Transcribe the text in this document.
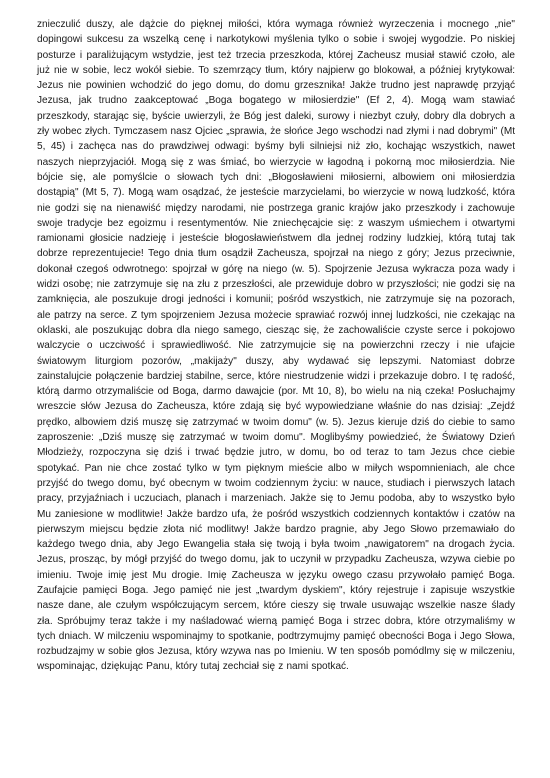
znieczulić duszy, ale dążcie do pięknej miłości, która wymaga również wyrzeczenia i mocnego „nie" dopingowi sukcesu za wszelką cenę i narkotykowi myślenia tylko o sobie i swojej wygodzie. Po niskiej posturze i paraliżującym wstydzie, jest też trzecia przeszkoda, której Zacheusz musiał stawić czoło, ale już nie w sobie, lecz wokół siebie. To szemrzący tłum, który najpierw go blokował, a później krytykował: Jezus nie powinien wchodzić do jego domu, do domu grzesznika! Jakże trudno jest naprawdę przyjąć Jezusa, jak trudno zaakceptować „Boga bogatego w miłosierdzie" (Ef 2, 4). Mogą wam stawiać przeszkody, starając się, byście uwierzyli, że Bóg jest daleki, surowy i niezbyt czuły, dobry dla dobrych a zły wobec złych. Tymczasem nasz Ojciec „sprawia, że słońce Jego wschodzi nad złymi i nad dobrymi" (Mt 5, 45) i zachęca nas do prawdziwej odwagi: byśmy byli silniejsi niż zło, kochając wszystkich, nawet naszych nieprzyjaciół. Mogą się z was śmiać, bo wierzycie w łagodną i pokorną moc miłosierdzia. Nie bójcie się, ale pomyślcie o słowach tych dni: „Błogosławieni miłosierni, albowiem oni miłosierdzia dostąpią" (Mt 5, 7). Mogą wam osądzać, że jesteście marzycielami, bo wierzycie w nową ludzkość, która nie godzi się na nienawiść między narodami, nie postrzega granic krajów jako przeszkody i zachowuje swoje tradycje bez egoizmu i resentymentów. Nie zniechęcajcie się: z waszym uśmiechem i otwartymi ramionami głosicie nadzieję i jesteście błogosławieństwem dla jednej rodziny ludzkiej, którą tutaj tak dobrze reprezentujecie! Tego dnia tłum osądził Zacheusza, spojrzał na niego z góry; Jezus przeciwnie, dokonał czegoś odwrotnego: spojrzał w górę na niego (w. 5). Spojrzenie Jezusa wykracza poza wady i widzi osobę; nie zatrzymuje się na złu z przeszłości, ale przewiduje dobro w przyszłości; nie godzi się na zamknięcia, ale poszukuje drogi jedności i komunii; pośród wszystkich, nie zatrzymuje się na pozorach, ale patrzy na serce. Z tym spojrzeniem Jezusa możecie sprawiać rozwój innej ludzkości, nie czekając na oklaski, ale poszukując dobra dla niego samego, ciesząc się, że zachowaliście czyste serce i pokojowo walczycie o uczciwość i sprawiedliwość. Nie zatrzymujcie się na powierzchni rzeczy i nie ufajcie światowym liturgiom pozorów, „makijaży" duszy, aby wydawać się lepszymi. Natomiast dobrze zainstalujcie połączenie bardziej stabilne, serce, które niestrudzenie widzi i przekazuje dobro. I tę radość, którą darmo otrzymaliście od Boga, darmo dawajcie (por. Mt 10, 8), bo wielu na nią czeka! Posłuchajmy wreszcie słów Jezusa do Zacheusza, które zdają się być wypowiedziane właśnie do nas dzisiaj: „Zejdź prędko, albowiem dziś muszę się zatrzymać w twoim domu" (w. 5). Jezus kieruje dziś do ciebie to samo zaproszenie: „Dziś muszę się zatrzymać w twoim domu". Moglibyśmy powiedzieć, że Światowy Dzień Młodzieży, rozpoczyna się dziś i trwać będzie jutro, w domu, bo od teraz to tam Jezus chce ciebie spotykać. Pan nie chce zostać tylko w tym pięknym mieście albo w miłych wspomnieniach, ale chce przyjść do twego domu, być obecnym w twoim codziennym życiu: w nauce, studiach i pierwszych latach pracy, przyjaźniach i uczuciach, planach i marzeniach. Jakże się to Jemu podoba, aby to wszystko było Mu zaniesione w modlitwie! Jakże bardzo ufa, że pośród wszystkich codziennych kontaktów i czatów na pierwszym miejscu będzie złota nić modlitwy! Jakże bardzo pragnie, aby Jego Słowo przemawiało do każdego twego dnia, aby Jego Ewangelia stała się twoją i była twoim „nawigatorem" na drogach życia. Jezus, prosząc, by mógł przyjść do twego domu, jak to uczynił w przypadku Zacheusza, wzywa ciebie po imieniu. Twoje imię jest Mu drogie. Imię Zacheusza w języku owego czasu przywołało pamięć Boga. Zaufajcie pamięci Boga. Jego pamięć nie jest „twardym dyskiem", który rejestruje i zapisuje wszystkie nasze dane, ale czułym współczującym sercem, które cieszy się trwale usuwając wszelkie nasze ślady zła. Spróbujmy teraz także i my naśladować wierną pamięć Boga i strzec dobra, które otrzymaliśmy w tych dniach. W milczeniu wspominajmy to spotkanie, podtrzymujmy pamięć obecności Boga i Jego Słowa, rozbudzajmy w sobie głos Jezusa, który wzywa nas po Imieniu. W ten sposób pomódlmy się w milczeniu, wspominając, dziękując Panu, który tutaj zechciał się z nami spotkać.
